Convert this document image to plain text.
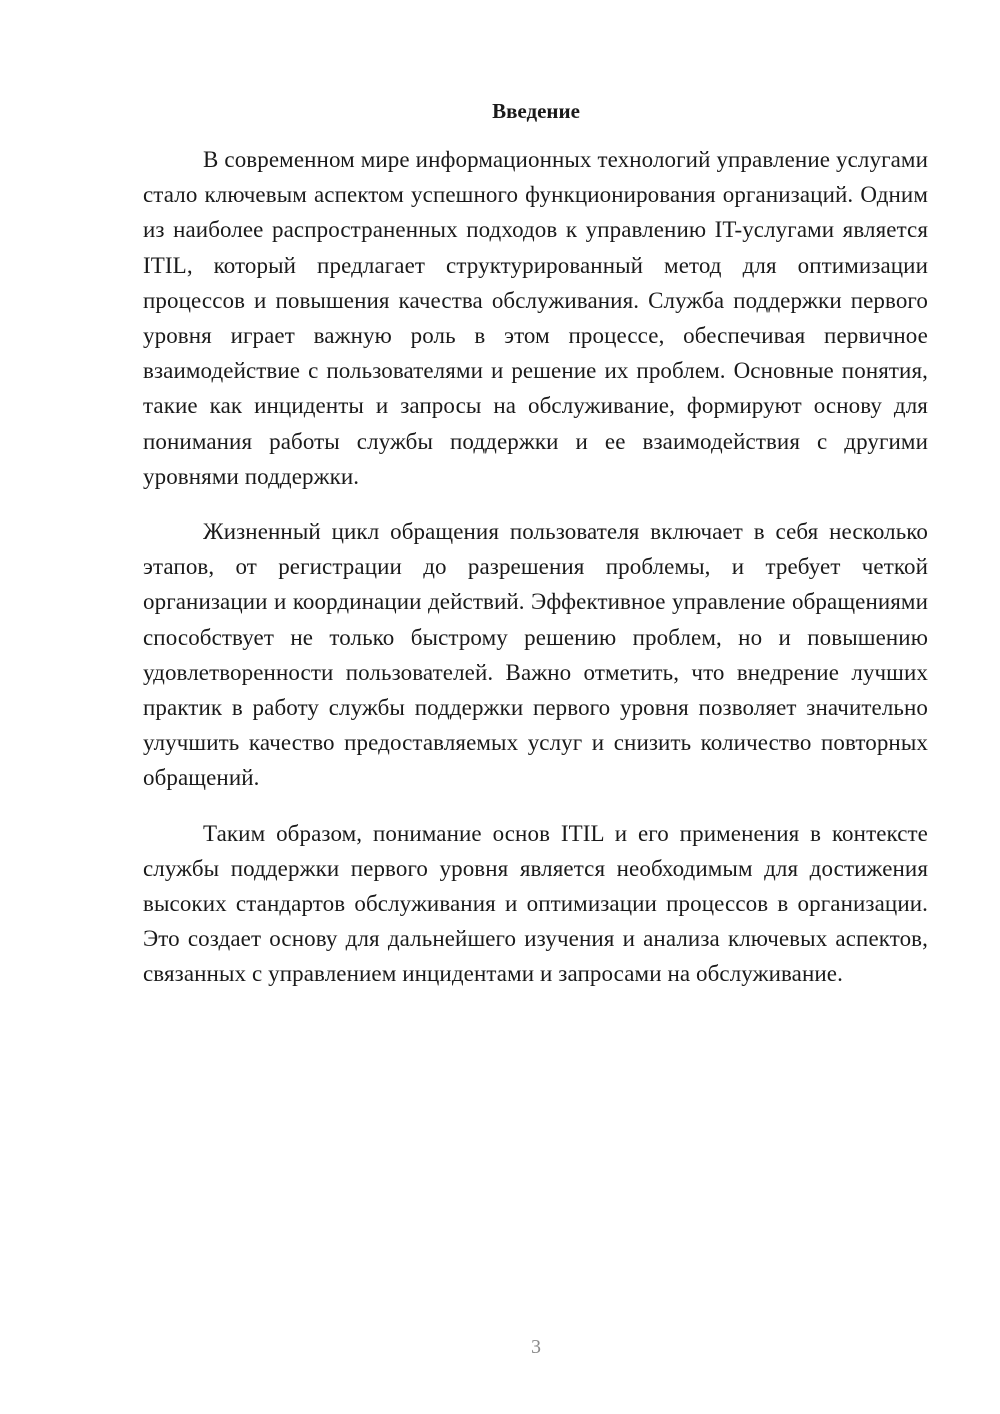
Введение

В современном мире информационных технологий управление услугами стало ключевым аспектом успешного функционирования организаций. Одним из наиболее распространенных подходов к управлению IT-услугами является ITIL, который предлагает структурированный метод для оптимизации процессов и повышения качества обслуживания. Служба поддержки первого уровня играет важную роль в этом процессе, обеспечивая первичное взаимодействие с пользователями и решение их проблем. Основные понятия, такие как инциденты и запросы на обслуживание, формируют основу для понимания работы службы поддержки и ее взаимодействия с другими уровнями поддержки.

Жизненный цикл обращения пользователя включает в себя несколько этапов, от регистрации до разрешения проблемы, и требует четкой организации и координации действий. Эффективное управление обращениями способствует не только быстрому решению проблем, но и повышению удовлетворенности пользователей. Важно отметить, что внедрение лучших практик в работу службы поддержки первого уровня позволяет значительно улучшить качество предоставляемых услуг и снизить количество повторных обращений.

Таким образом, понимание основ ITIL и его применения в контексте службы поддержки первого уровня является необходимым для достижения высоких стандартов обслуживания и оптимизации процессов в организации. Это создает основу для дальнейшего изучения и анализа ключевых аспектов, связанных с управлением инцидентами и запросами на обслуживание.

3
